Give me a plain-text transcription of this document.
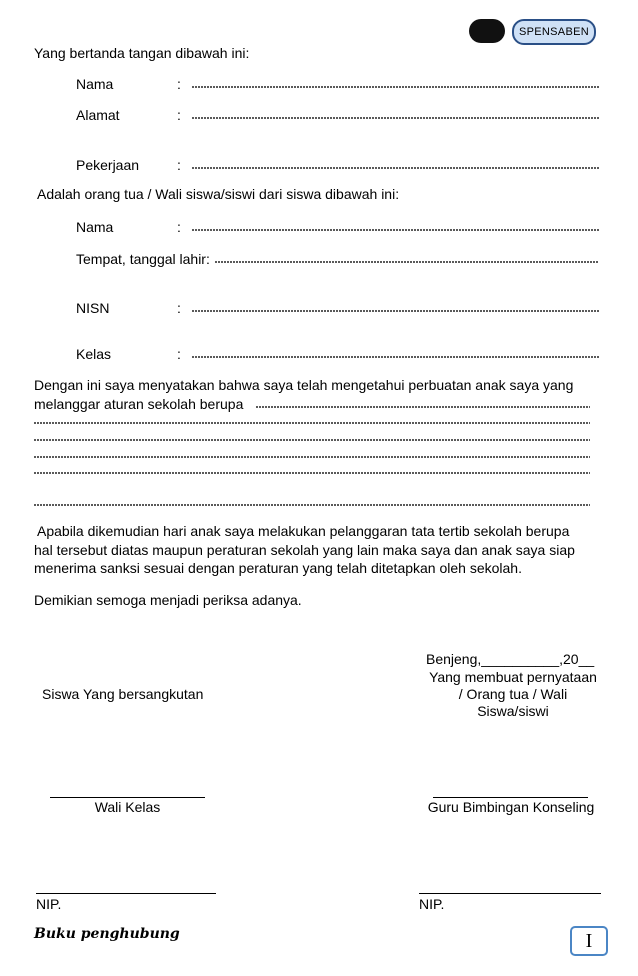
SPENSABEN
Yang bertanda tangan dibawah ini:
Nama	:
Alamat	:
Pekerjaan	:
Adalah orang tua / Wali siswa/siswi dari siswa dibawah ini:
Nama	:
Tempat, tanggal lahir:
NISN	:
Kelas	:
Dengan ini saya menyatakan bahwa saya telah mengetahui perbuatan anak saya yang
melanggar aturan sekolah berupa
Apabila dikemudian hari anak saya melakukan pelanggaran tata tertib sekolah berupa
hal tersebut diatas maupun peraturan sekolah yang lain maka saya dan anak saya siap
menerima sanksi sesuai dengan peraturan yang telah ditetapkan oleh sekolah.
Demikian semoga menjadi periksa adanya.
Benjeng,__________,20__
Yang membuat pernyataan
/ Orang tua / Wali
Siswa/siswi
Siswa Yang bersangkutan
Wali Kelas	Guru Bimbingan Konseling
NIP.	NIP.
Buku penghubung	I
